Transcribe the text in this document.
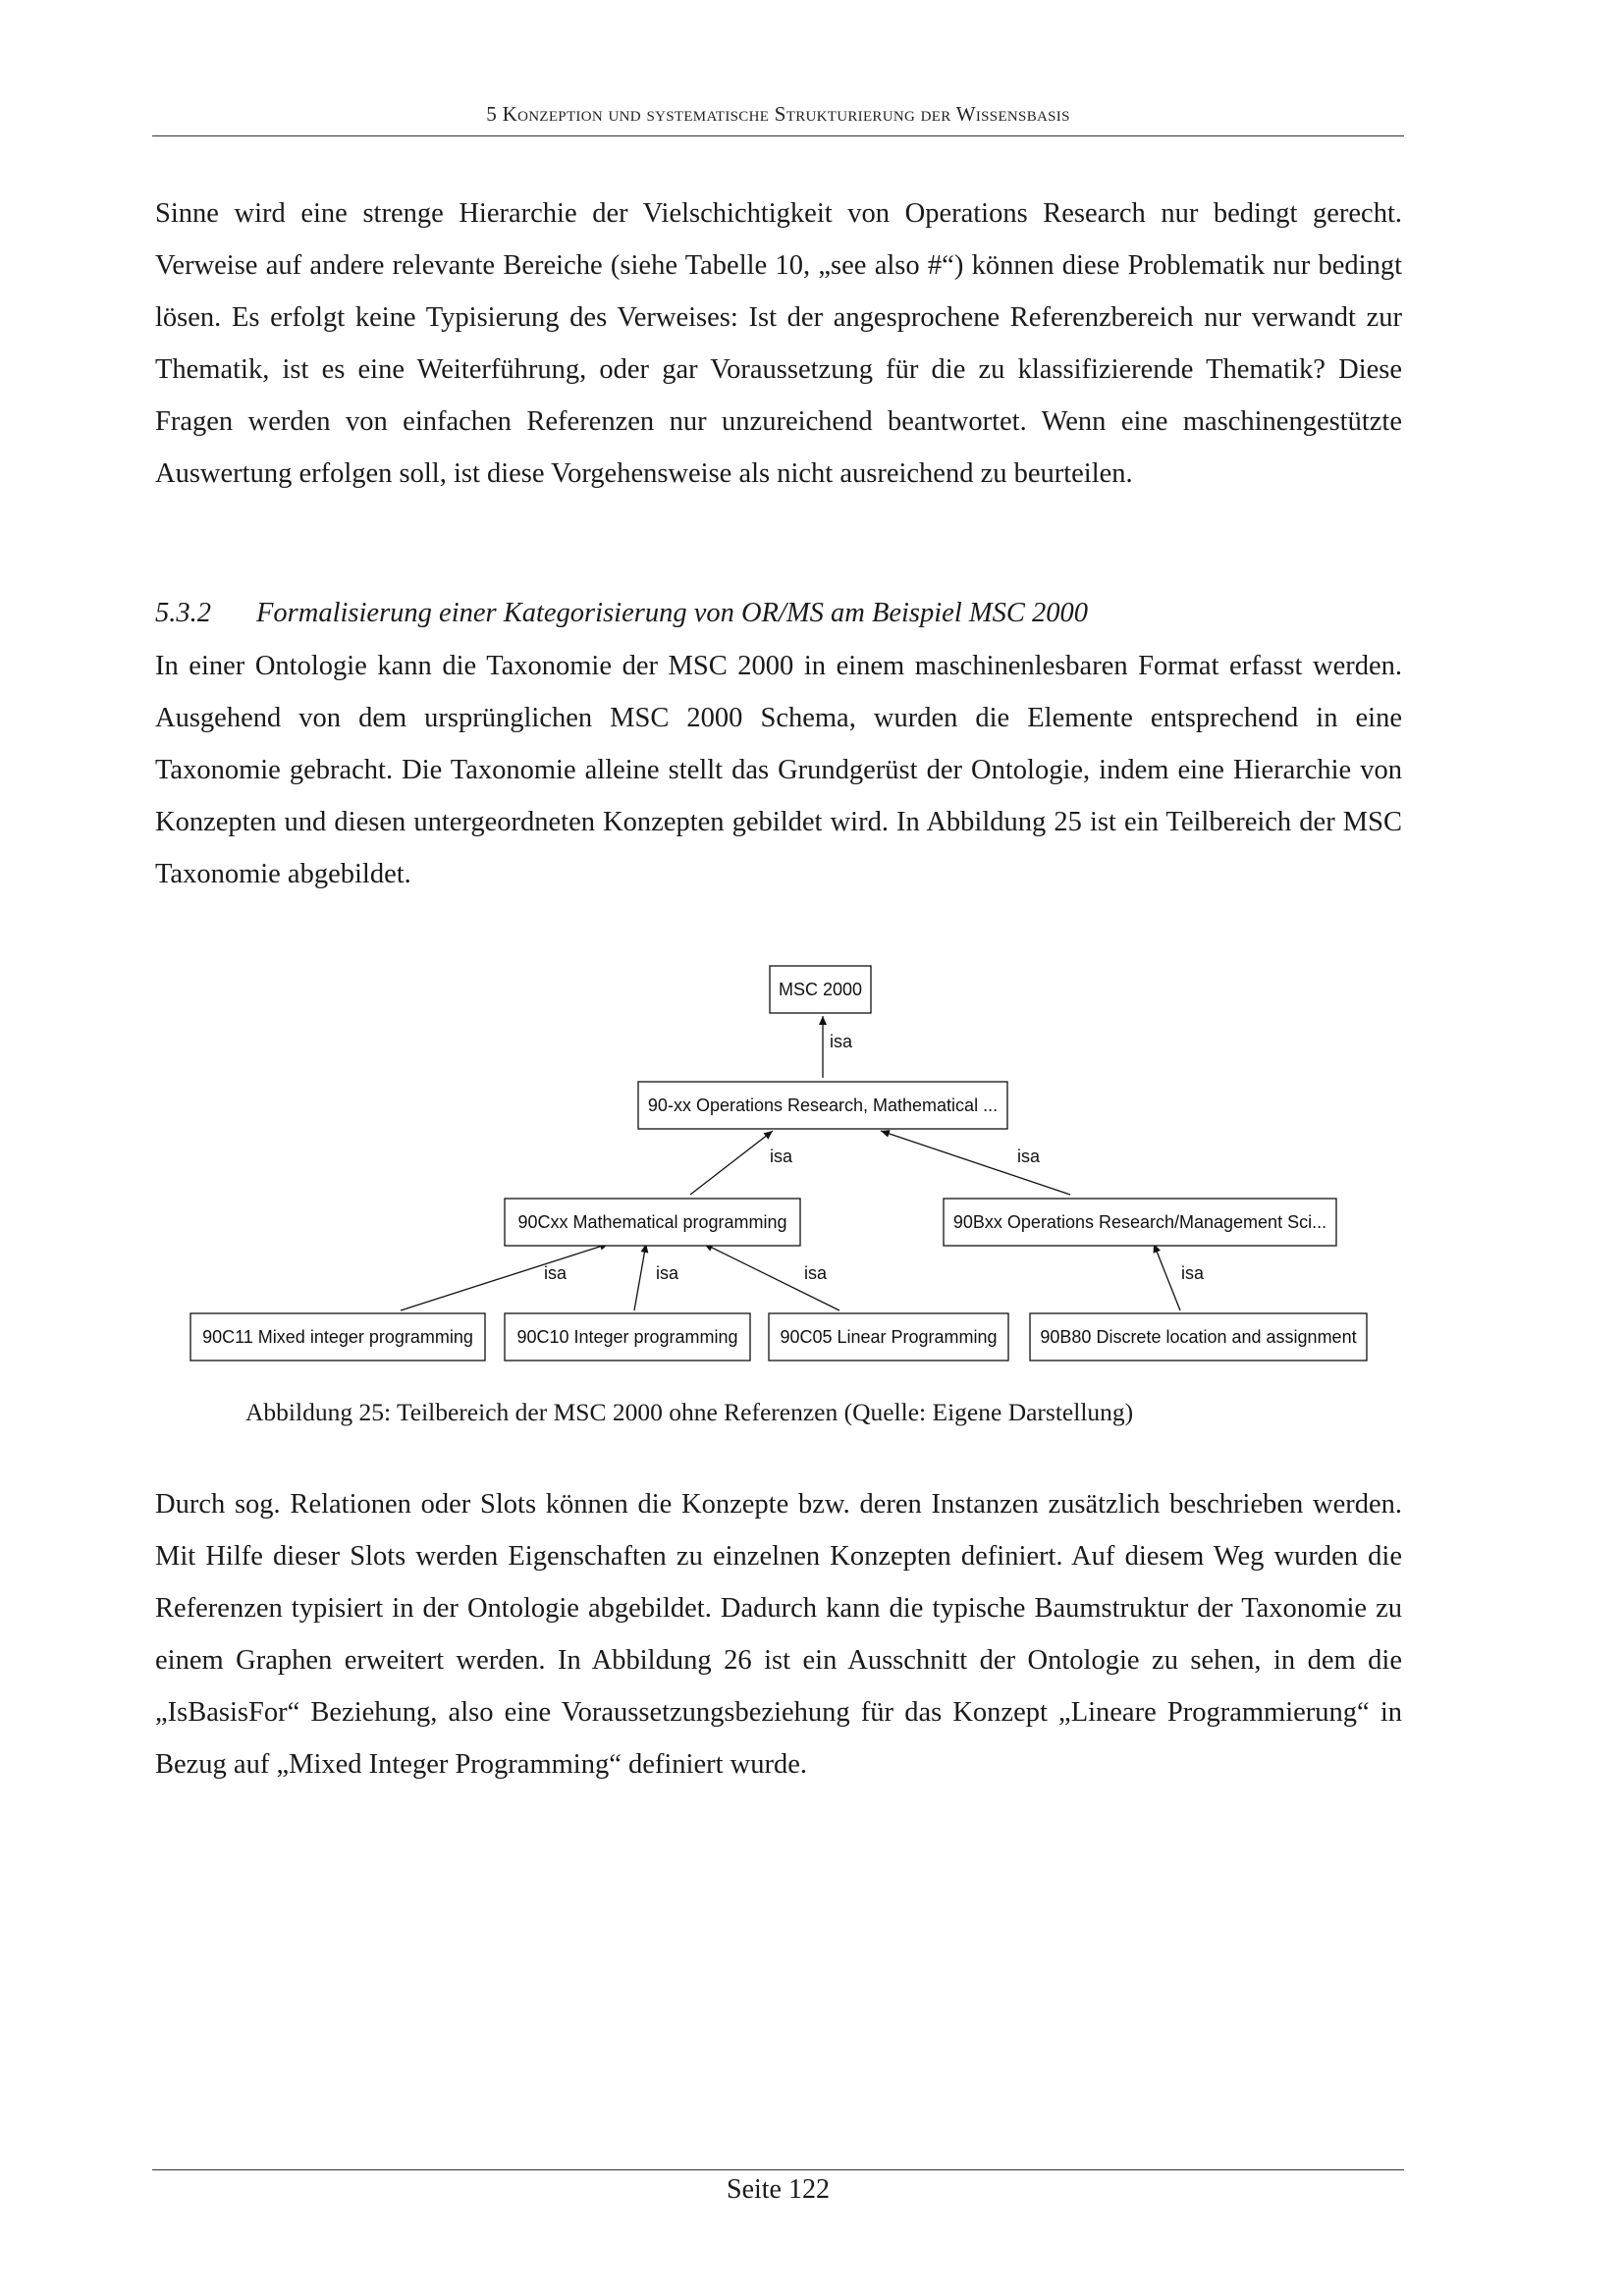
5 Konzeption und systematische Strukturierung der Wissensbasis

Sinne wird eine strenge Hierarchie der Vielschichtigkeit von Operations Research nur bedingt gerecht. Verweise auf andere relevante Bereiche (siehe Tabelle 10, „see also #“) können diese Problematik nur bedingt lösen. Es erfolgt keine Typisierung des Verweises: Ist der angesprochene Referenzbereich nur verwandt zur Thematik, ist es eine Weiterführung, oder gar Voraussetzung für die zu klassifizierende Thematik? Diese Fragen werden von einfachen Referenzen nur unzureichend beantwortet. Wenn eine maschinengestützte Auswertung erfolgen soll, ist diese Vorgehensweise als nicht ausreichend zu beurteilen.

5.3.2 Formalisierung einer Kategorisierung von OR/MS am Beispiel MSC 2000

In einer Ontologie kann die Taxonomie der MSC 2000 in einem maschinenlesbaren Format erfasst werden. Ausgehend von dem ursprünglichen MSC 2000 Schema, wurden die Elemente entsprechend in eine Taxonomie gebracht. Die Taxonomie alleine stellt das Grundgerüst der Ontologie, indem eine Hierarchie von Konzepten und diesen untergeordneten Konzepten gebildet wird. In Abbildung 25 ist ein Teilbereich der MSC Taxonomie abgebildet.

isa
isa	isa
isa	isa	isa	isa
MSC 2000
90-xx Operations Research, Mathematical ...
90Cxx Mathematical programming	90Bxx Operations Research/Management Sci...
90C11 Mixed integer programming 90C10 Integer programming 90C05 Linear Programming 90B80 Discrete location and assignment
Abbildung 25: Teilbereich der MSC 2000 ohne Referenzen (Quelle: Eigene Darstellung)

Durch sog. Relationen oder Slots können die Konzepte bzw. deren Instanzen zusätzlich beschrieben werden. Mit Hilfe dieser Slots werden Eigenschaften zu einzelnen Konzepten definiert. Auf diesem Weg wurden die Referenzen typisiert in der Ontologie abgebildet. Dadurch kann die typische Baumstruktur der Taxonomie zu einem Graphen erweitert werden. In Abbildung 26 ist ein Ausschnitt der Ontologie zu sehen, in dem die „IsBasisFor“ Beziehung, also eine Voraussetzungsbeziehung für das Konzept „Lineare Programmierung“ in Bezug auf „Mixed Integer Programming“ definiert wurde.

Seite 122
